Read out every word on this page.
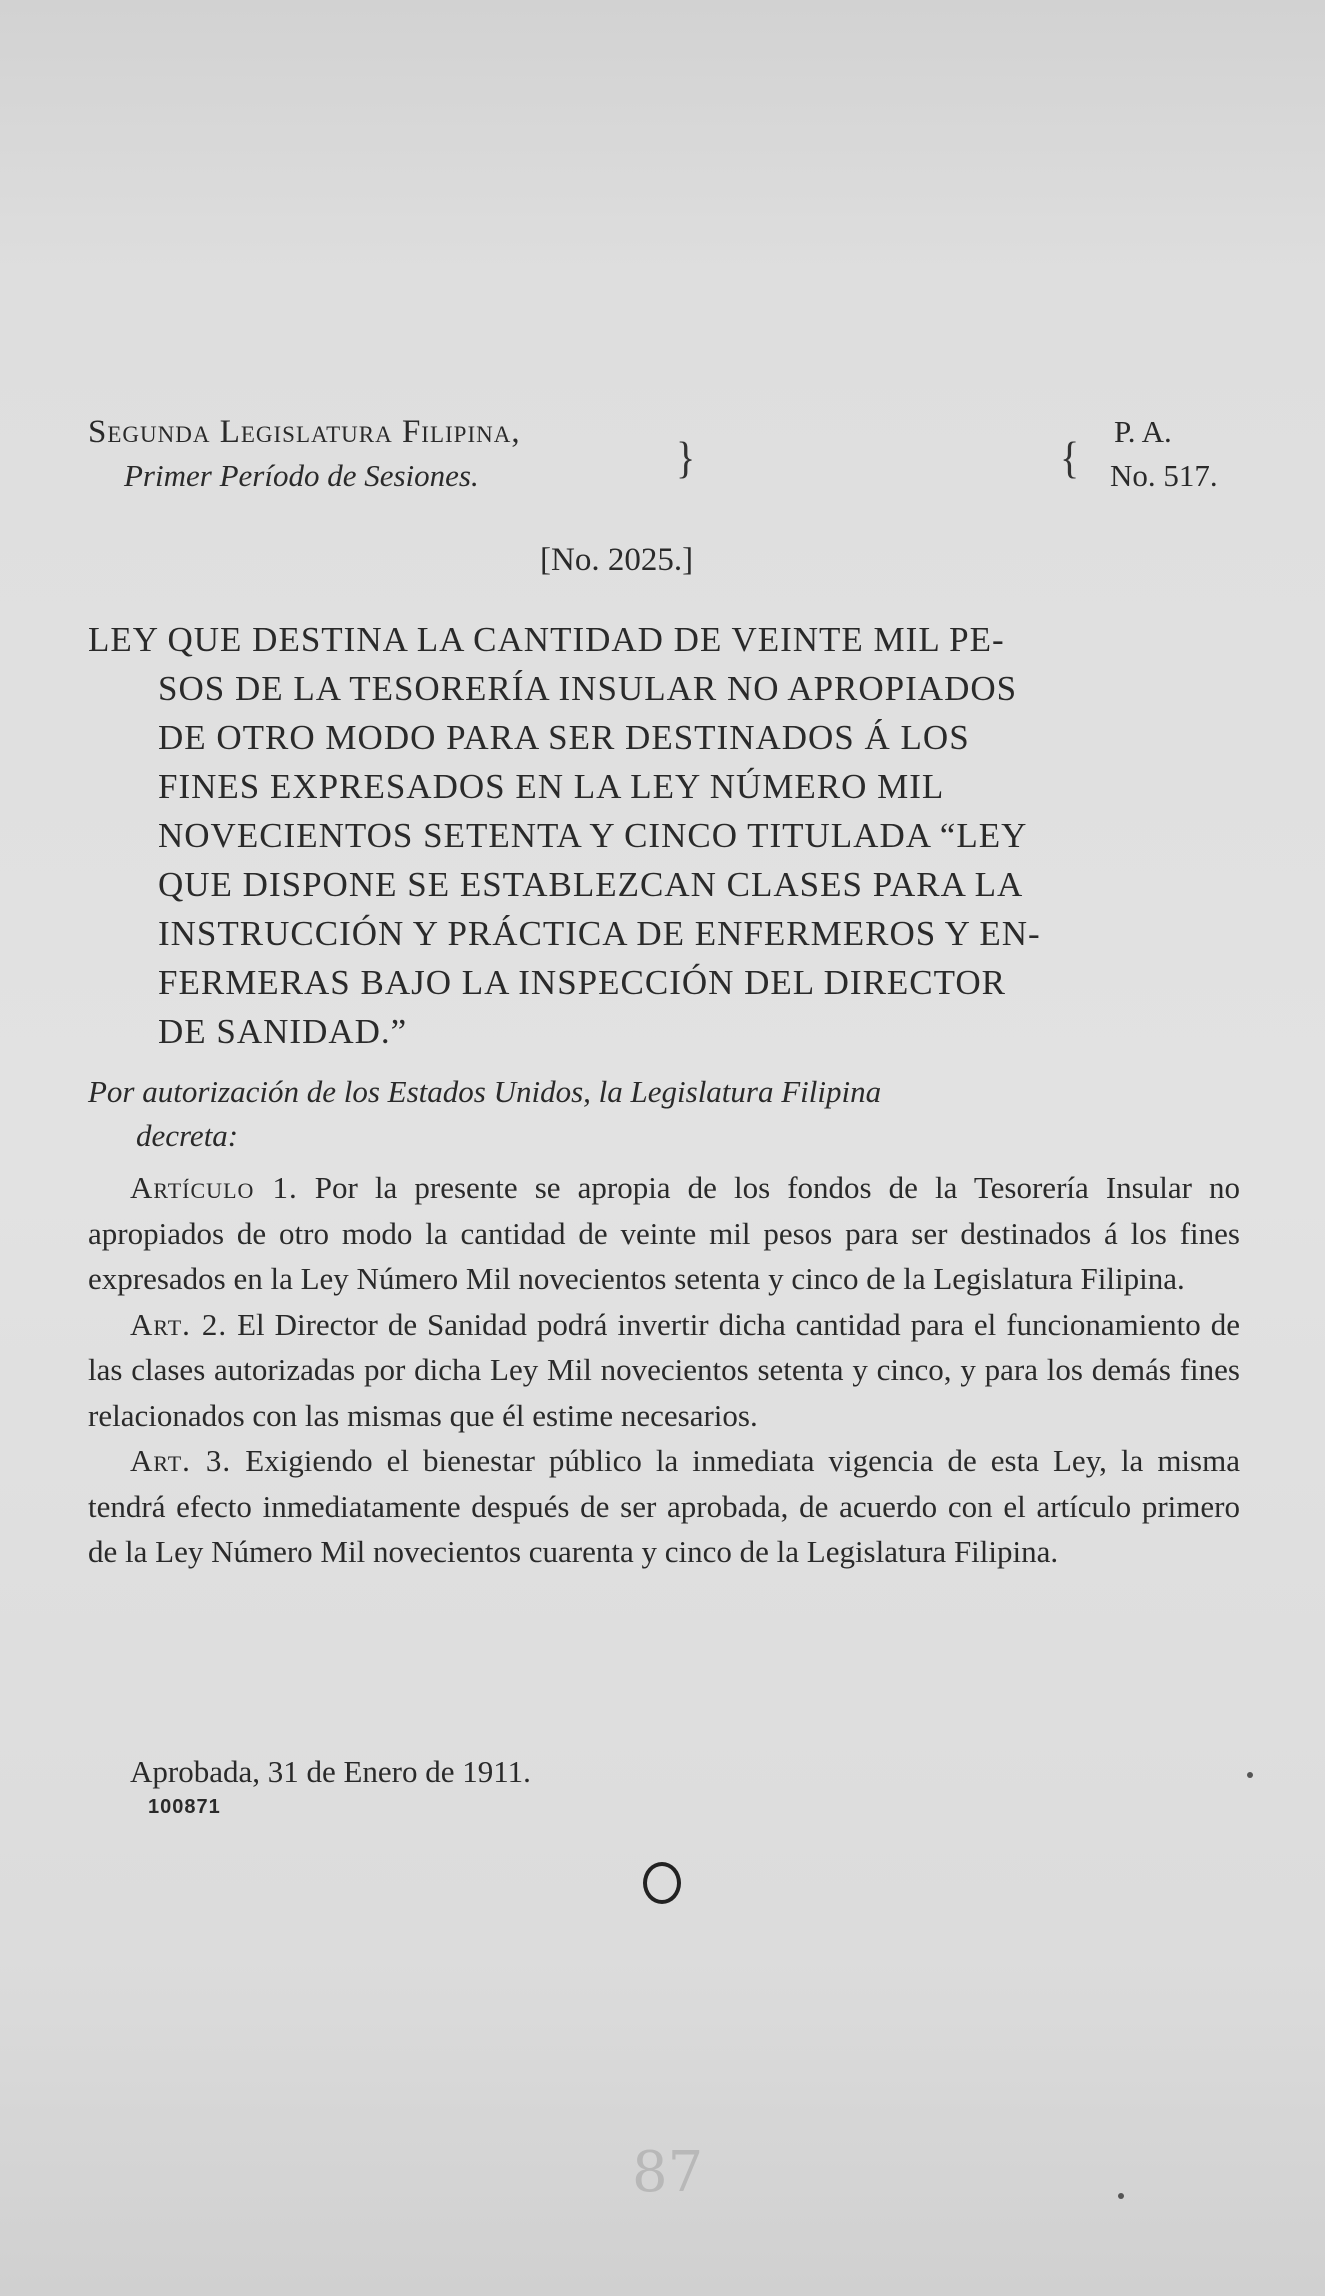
Segunda Legislatura Filipina,
Primer Período de Sesiones.	}	{
P. A.
No. 517.
[No. 2025.]
LEY QUE DESTINA LA CANTIDAD DE VEINTE MIL PE-
SOS DE LA TESORERÍA INSULAR NO APROPIADOS
DE OTRO MODO PARA SER DESTINADOS Á LOS
FINES EXPRESADOS EN LA LEY NÚMERO MIL
NOVECIENTOS SETENTA Y CINCO TITULADA “LEY
QUE DISPONE SE ESTABLEZCAN CLASES PARA LA
INSTRUCCIÓN Y PRÁCTICA DE ENFERMEROS Y EN-
FERMERAS BAJO LA INSPECCIÓN DEL DIRECTOR
DE SANIDAD.”
Por autorización de los Estados Unidos, la Legislatura Filipina
decreta:

Artículo 1. Por la presente se apropia de los fondos de la Tesorería Insular no apropiados de otro modo la cantidad de veinte mil pesos para ser destinados á los fines expresados en la Ley Número Mil novecientos setenta y cinco de la Legislatura Filipina.

Art. 2. El Director de Sanidad podrá invertir dicha cantidad para el funcionamiento de las clases autorizadas por dicha Ley Mil novecientos setenta y cinco, y para los demás fines relacionados con las mismas que él estime necesarios.

Art. 3. Exigiendo el bienestar público la inmediata vigencia de esta Ley, la misma tendrá efecto inmediatamente después de ser aprobada, de acuerdo con el artículo primero de la Ley Número Mil novecientos cuarenta y cinco de la Legislatura Filipina.

Aprobada, 31 de Enero de 1911.
100871
87
